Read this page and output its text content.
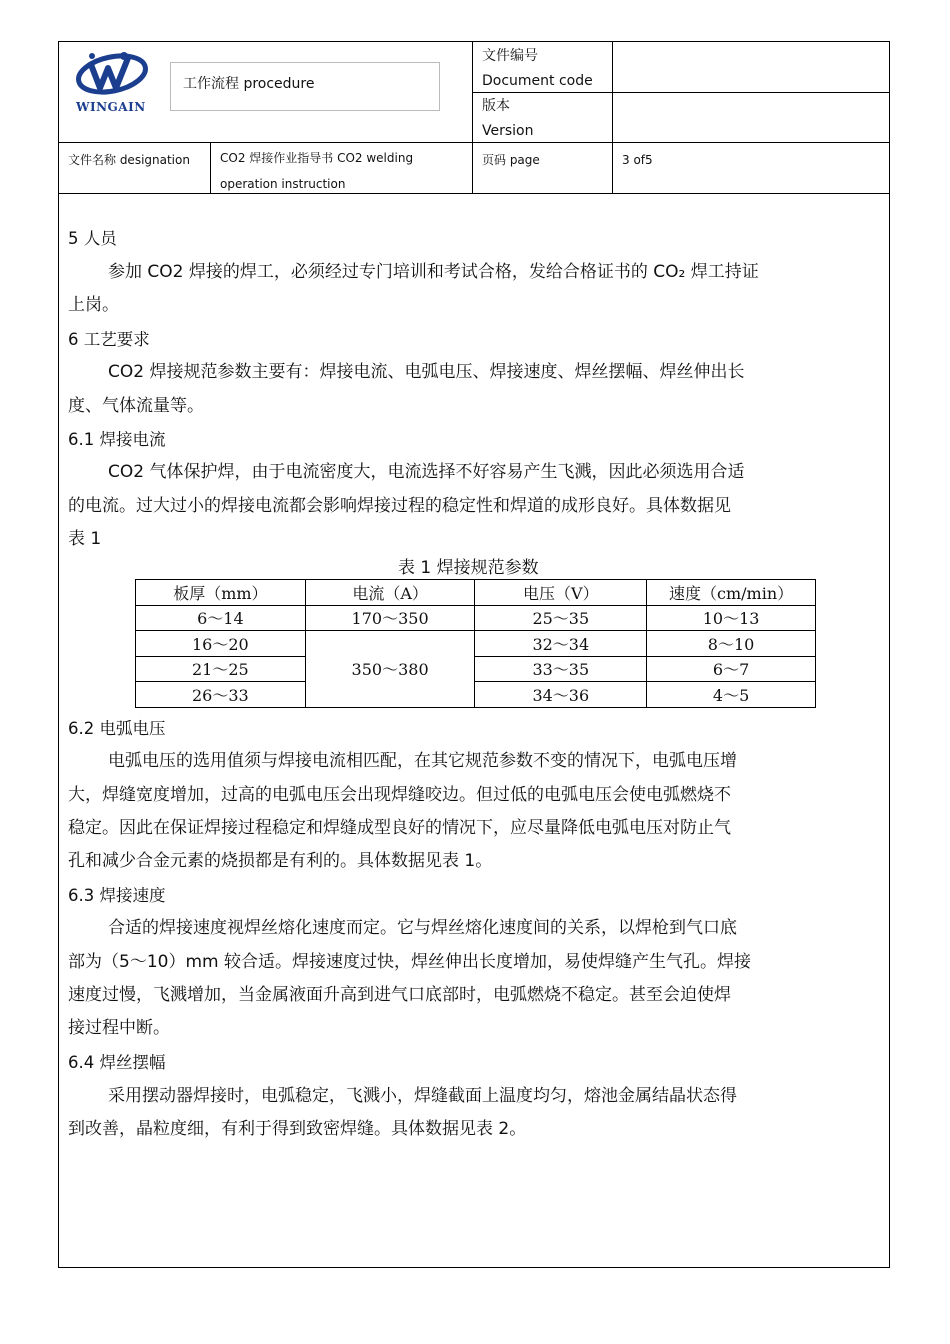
WINGAIN
工作流程 procedure
文件编号
Document code
版本
Version
文件名称 designation	CO2 焊接作业指导书 CO2 welding
operation instruction
页码 page	3 of5
5 人员
参加 CO2 焊接的焊工，必须经过专门培训和考试合格，发给合格证书的 CO₂ 焊工持证
上岗。
6 工艺要求
CO2 焊接规范参数主要有：焊接电流、电弧电压、焊接速度、焊丝摆幅、焊丝伸出长
度、气体流量等。
6.1 焊接电流
CO2 气体保护焊，由于电流密度大，电流选择不好容易产生飞溅，因此必须选用合适
的电流。过大过小的焊接电流都会影响焊接过程的稳定性和焊道的成形良好。具体数据见
表 1
表 1 焊接规范参数
板厚（mm）	电流（A）	电压（V）	速度（cm/min）
6～14	170～350	25～35	10～13
16～20	350～380	32～34	8～10
21～25		33～35	6～7
26～33		34～36	4～5
6.2 电弧电压
电弧电压的选用值须与焊接电流相匹配，在其它规范参数不变的情况下，电弧电压增
大，焊缝宽度增加，过高的电弧电压会出现焊缝咬边。但过低的电弧电压会使电弧燃烧不
稳定。因此在保证焊接过程稳定和焊缝成型良好的情况下，应尽量降低电弧电压对防止气
孔和减少合金元素的烧损都是有利的。具体数据见表 1。
6.3 焊接速度
合适的焊接速度视焊丝熔化速度而定。它与焊丝熔化速度间的关系，以焊枪到气口底
部为（5～10）mm 较合适。焊接速度过快，焊丝伸出长度增加，易使焊缝产生气孔。焊接
速度过慢，飞溅增加，当金属液面升高到进气口底部时，电弧燃烧不稳定。甚至会迫使焊
接过程中断。
6.4 焊丝摆幅
采用摆动器焊接时，电弧稳定，飞溅小，焊缝截面上温度均匀，熔池金属结晶状态得
到改善，晶粒度细，有利于得到致密焊缝。具体数据见表 2。
